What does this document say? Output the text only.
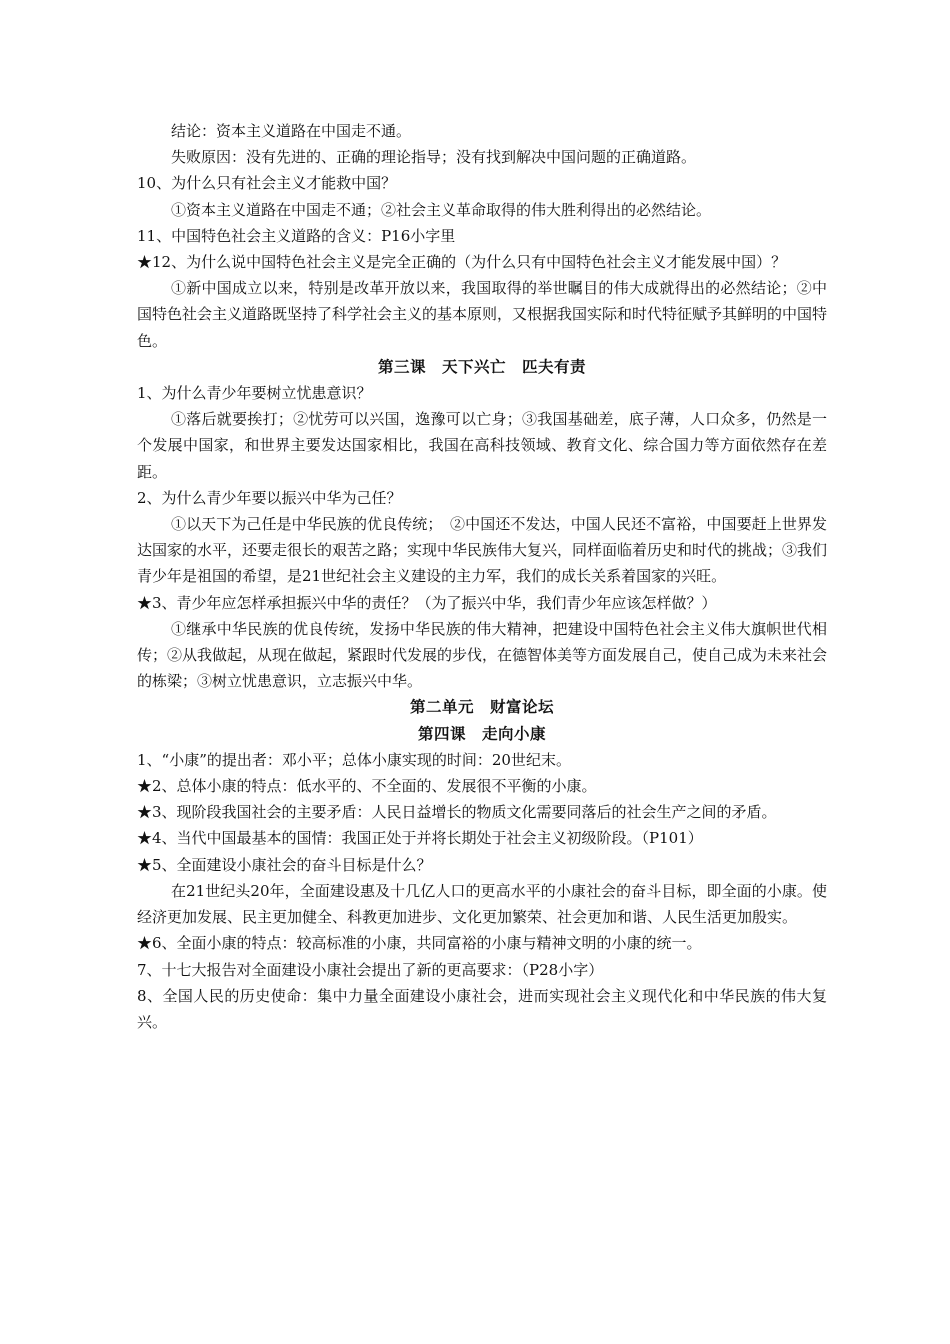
结论：资本主义道路在中国走不通。

失败原因：没有先进的、正确的理论指导；没有找到解决中国问题的正确道路。

10、为什么只有社会主义才能救中国？

①资本主义道路在中国走不通；②社会主义革命取得的伟大胜利得出的必然结论。

11、中国特色社会主义道路的含义：P16小字里

★12、为什么说中国特色社会主义是完全正确的（为什么只有中国特色社会主义才能发展中国）？

①新中国成立以来，特别是改革开放以来，我国取得的举世瞩目的伟大成就得出的必然结论；②中国特色社会主义道路既坚持了科学社会主义的基本原则，又根据我国实际和时代特征赋予其鲜明的中国特色。

第三课 天下兴亡 匹夫有责

1、为什么青少年要树立忧患意识？

①落后就要挨打；②忧劳可以兴国，逸豫可以亡身；③我国基础差，底子薄，人口众多，仍然是一个发展中国家，和世界主要发达国家相比，我国在高科技领域、教育文化、综合国力等方面依然存在差距。

2、为什么青少年要以振兴中华为己任？

①以天下为己任是中华民族的优良传统；　②中国还不发达，中国人民还不富裕，中国要赶上世界发达国家的水平，还要走很长的艰苦之路；实现中华民族伟大复兴，同样面临着历史和时代的挑战；③我们青少年是祖国的希望，是21世纪社会主义建设的主力军，我们的成长关系着国家的兴旺。

★3、青少年应怎样承担振兴中华的责任？（为了振兴中华，我们青少年应该怎样做？）

①继承中华民族的优良传统，发扬中华民族的伟大精神，把建设中国特色社会主义伟大旗帜世代相传；②从我做起，从现在做起，紧跟时代发展的步伐，在德智体美等方面发展自己，使自己成为未来社会的栋梁；③树立忧患意识，立志振兴中华。

第二单元 财富论坛

第四课 走向小康

1、“小康”的提出者：邓小平；总体小康实现的时间：20世纪末。

★2、总体小康的特点：低水平的、不全面的、发展很不平衡的小康。

★3、现阶段我国社会的主要矛盾：人民日益增长的物质文化需要同落后的社会生产之间的矛盾。

★4、当代中国最基本的国情：我国正处于并将长期处于社会主义初级阶段。（P101）

★5、全面建设小康社会的奋斗目标是什么？

在21世纪头20年，全面建设惠及十几亿人口的更高水平的小康社会的奋斗目标，即全面的小康。使经济更加发展、民主更加健全、科教更加进步、文化更加繁荣、社会更加和谐、人民生活更加殷实。

★6、全面小康的特点：较高标准的小康，共同富裕的小康与精神文明的小康的统一。

7、十七大报告对全面建设小康社会提出了新的更高要求：（P28小字）

8、全国人民的历史使命：集中力量全面建设小康社会，进而实现社会主义现代化和中华民族的伟大复兴。
